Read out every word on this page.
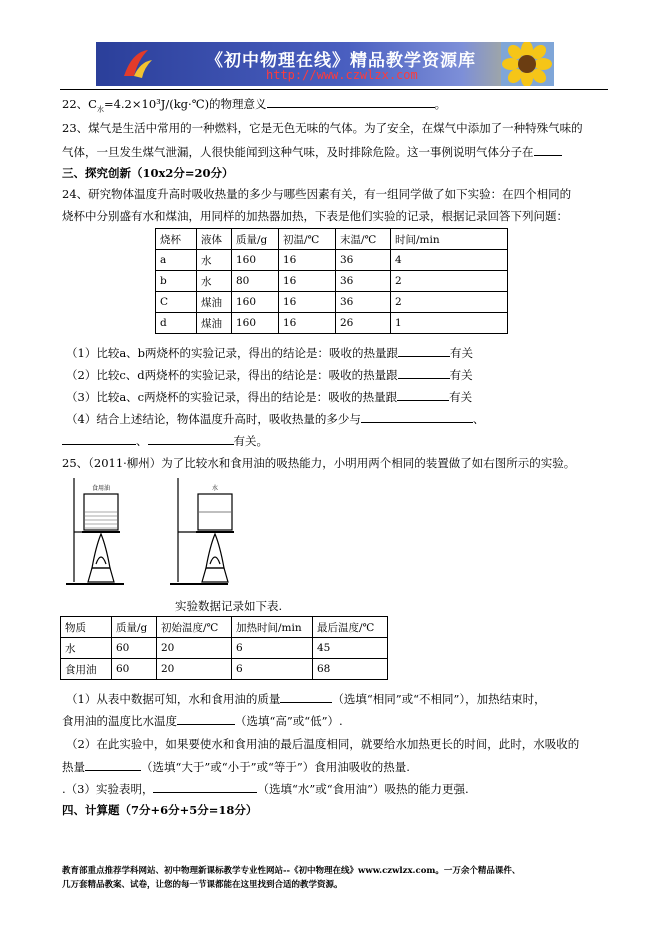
《初中物理在线》精品教学资源库
http://www.czwlzx.com
22、$C_水=4.2\times 10^3J/(kg\cdot℃)$的物理意义	。
23、煤气是生活中常用的一种燃料，它是无色无味的气体。为了安全，在煤气中添加了一种特殊气味的
气体，一旦发生煤气泄漏，人很快能闻到这种气味，及时排除危险。这一事例说明气体分子在
三、探究创新（10x2分=20分）
24、研究物体温度升高时吸收热量的多少与哪些因素有关，有一组同学做了如下实验：在四个相同的
烧杯中分别盛有水和煤油，用同样的加热器加热，下表是他们实验的记录，根据记录回答下列问题：
烧杯	液体	质量/g	初温/℃	末温/℃	时间/min
a	水	160	16	36	4
b	水	80	16	36	2
C	煤油	160	16	36	2
d	煤油	160	16	26	1
（1）比较a、b两烧杯的实验记录，得出的结论是：吸收的热量跟	有关
（2）比较c、d两烧杯的实验记录，得出的结论是：吸收的热量跟	有关
（3）比较a、c两烧杯的实验记录，得出的结论是：吸收的热量跟	有关
（4）结合上述结论，物体温度升高时，吸收热量的多少与	、
、	有关。
25、（2011·柳州）为了比较水和食用油的吸热能力，小明用两个相同的装置做了如右图所示的实验。
食用油	水
实验数据记录如下表.
物质	质量/g	初始温度/℃	加热时间/min	最后温度/℃
水	60	20	6	45
食用油	60	20	6	68
（1）从表中数据可知，水和食用油的质量	（选填“相同”或“不相同”），加热结束时，
食用油的温度比水温度	（选填“高”或“低”）.
（2）在此实验中，如果要使水和食用油的最后温度相同，就要给水加热更长的时间，此时，水吸收的
热量	（选填“大于”或“小于”或“等于”）食用油吸收的热量.
.（3）实验表明，	（选填“水”或“食用油”）吸热的能力更强.
四、计算题（7分+6分+5分=18分）
教育部重点推荐学科网站、初中物理新课标教学专业性网站--《初中物理在线》www.czwlzx.com。一万余个精品课件、
几万套精品教案、试卷，让您的每一节课都能在这里找到合适的教学资源。
